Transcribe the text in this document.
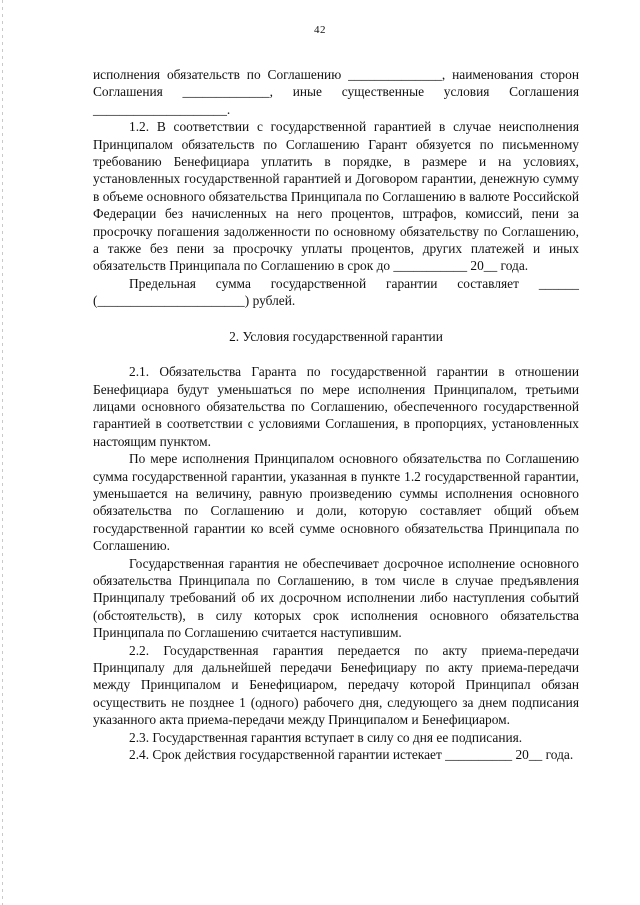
42

исполнения обязательств по Соглашению ______________, наименования сторон Соглашения _____________, иные существенные условия Соглашения ____________________.

1.2. В соответствии с государственной гарантией в случае неисполнения Принципалом обязательств по Соглашению Гарант обязуется по письменному требованию Бенефициара уплатить в порядке, в размере и на условиях, установленных государственной гарантией и Договором гарантии, денежную сумму в объеме основного обязательства Принципала по Соглашению в валюте Российской Федерации без начисленных на него процентов, штрафов, комиссий, пени за просрочку погашения задолженности по основному обязательству по Соглашению, а также без пени за просрочку уплаты процентов, других платежей и иных обязательств Принципала по Соглашению в срок до ___________ 20__ года.

Предельная сумма государственной гарантии составляет ______ (______________________) рублей.

2. Условия государственной гарантии

2.1. Обязательства Гаранта по государственной гарантии в отношении Бенефициара будут уменьшаться по мере исполнения Принципалом, третьими лицами основного обязательства по Соглашению, обеспеченного государственной гарантией в соответствии с условиями Соглашения, в пропорциях, установленных настоящим пунктом.

По мере исполнения Принципалом основного обязательства по Соглашению сумма государственной гарантии, указанная в пункте 1.2 государственной гарантии, уменьшается на величину, равную произведению суммы исполнения основного обязательства по Соглашению и доли, которую составляет общий объем государственной гарантии ко всей сумме основного обязательства Принципала по Соглашению.

Государственная гарантия не обеспечивает досрочное исполнение основного обязательства Принципала по Соглашению, в том числе в случае предъявления Принципалу требований об их досрочном исполнении либо наступления событий (обстоятельств), в силу которых срок исполнения основного обязательства Принципала по Соглашению считается наступившим.

2.2. Государственная гарантия передается по акту приема-передачи Принципалу для дальнейшей передачи Бенефициару по акту приема-передачи между Принципалом и Бенефициаром, передачу которой Принципал обязан осуществить не позднее 1 (одного) рабочего дня, следующего за днем подписания указанного акта приема-передачи между Принципалом и Бенефициаром.

2.3. Государственная гарантия вступает в силу со дня ее подписания.

2.4. Срок действия государственной гарантии истекает __________ 20__ года.
